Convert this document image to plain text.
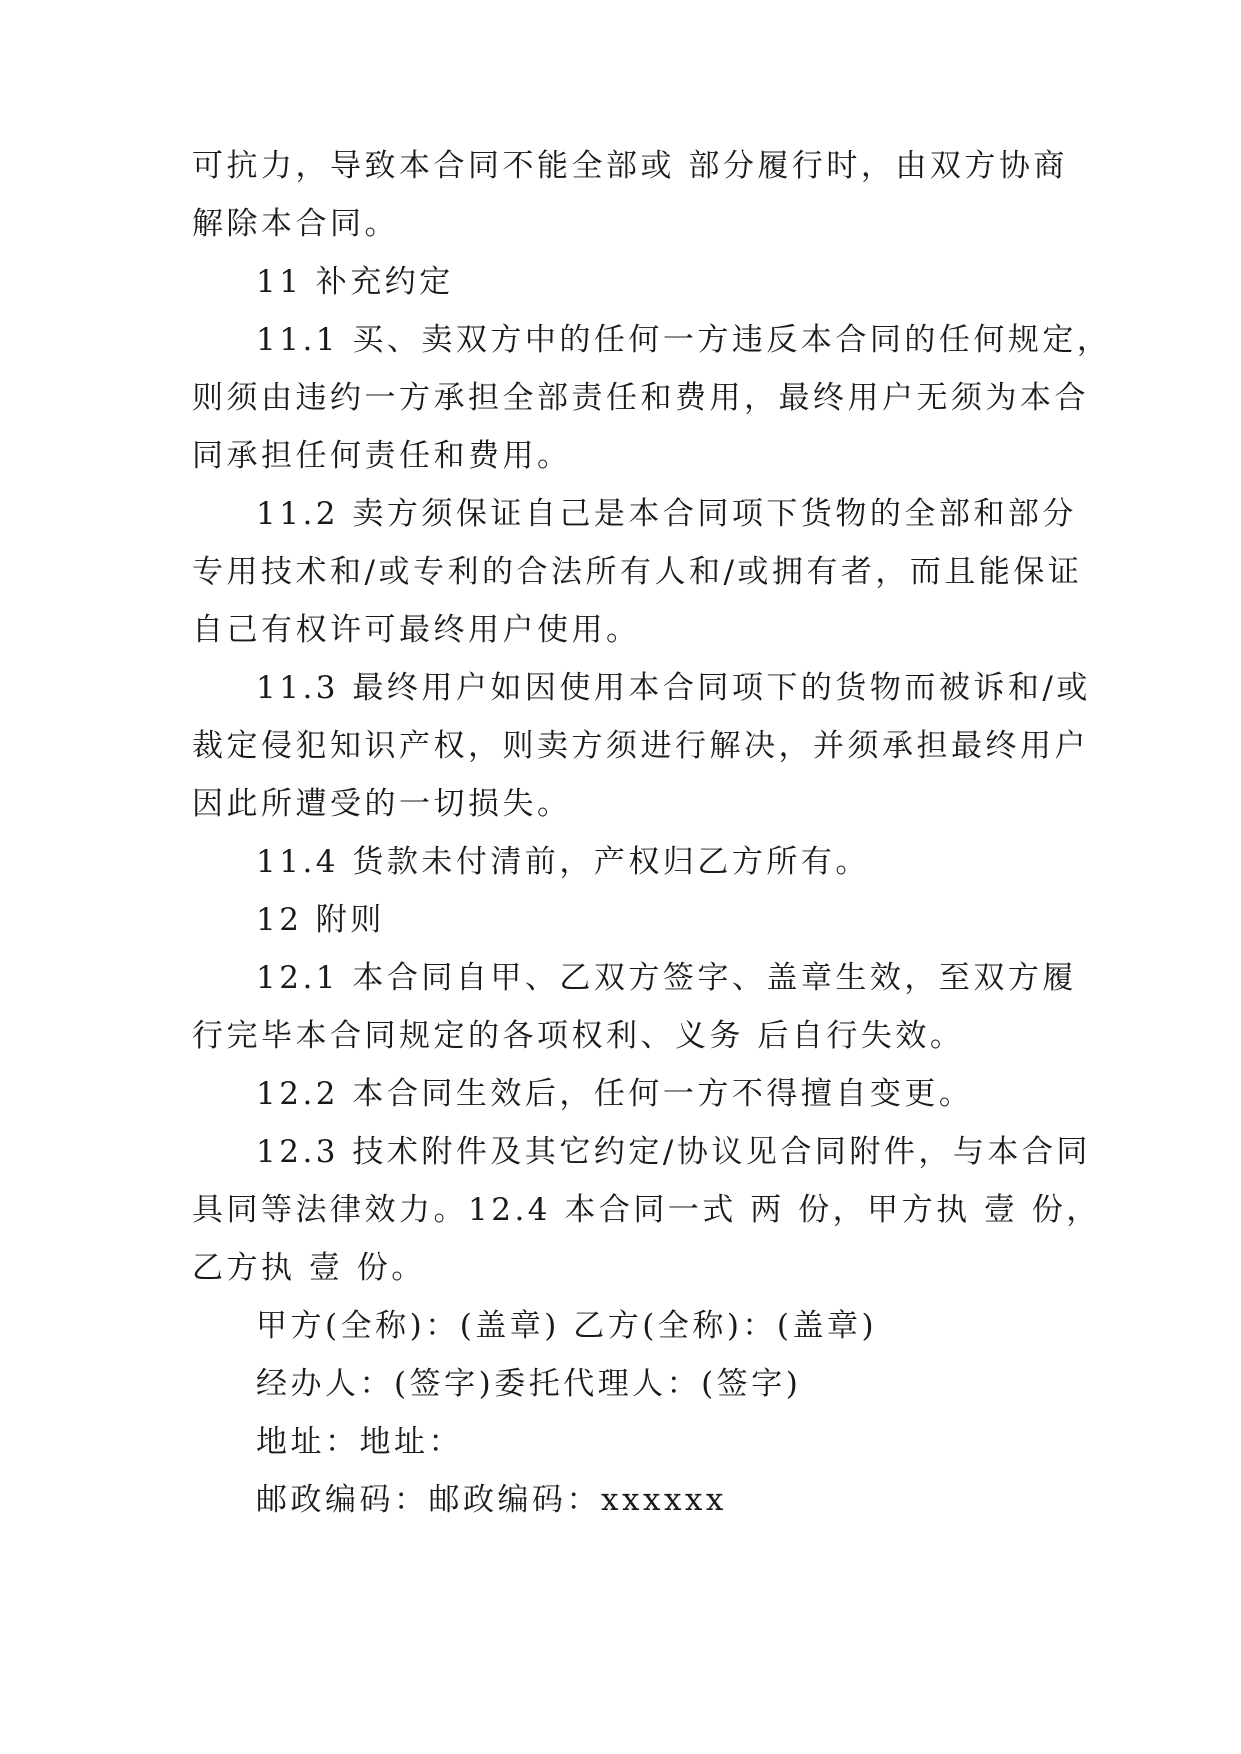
可抗力，导致本合同不能全部或 部分履行时，由双方协商
解除本合同。
11 补充约定
11.1 买、卖双方中的任何一方违反本合同的任何规定，
则须由违约一方承担全部责任和费用，最终用户无须为本合
同承担任何责任和费用。
11.2 卖方须保证自己是本合同项下货物的全部和部分
专用技术和/或专利的合法所有人和/或拥有者，而且能保证
自己有权许可最终用户使用。
11.3 最终用户如因使用本合同项下的货物而被诉和/或
裁定侵犯知识产权，则卖方须进行解决，并须承担最终用户
因此所遭受的一切损失。
11.4 货款未付清前，产权归乙方所有。
12 附则
12.1 本合同自甲、乙双方签字、盖章生效，至双方履
行完毕本合同规定的各项权利、义务 后自行失效。
12.2 本合同生效后，任何一方不得擅自变更。
12.3 技术附件及其它约定/协议见合同附件，与本合同
具同等法律效力。12.4 本合同一式 两 份，甲方执 壹 份，
乙方执 壹 份。
甲方(全称)：(盖章) 乙方(全称)：(盖章)
经办人：(签字)委托代理人：(签字)
地址：地址：
邮政编码：邮政编码：xxxxxx
